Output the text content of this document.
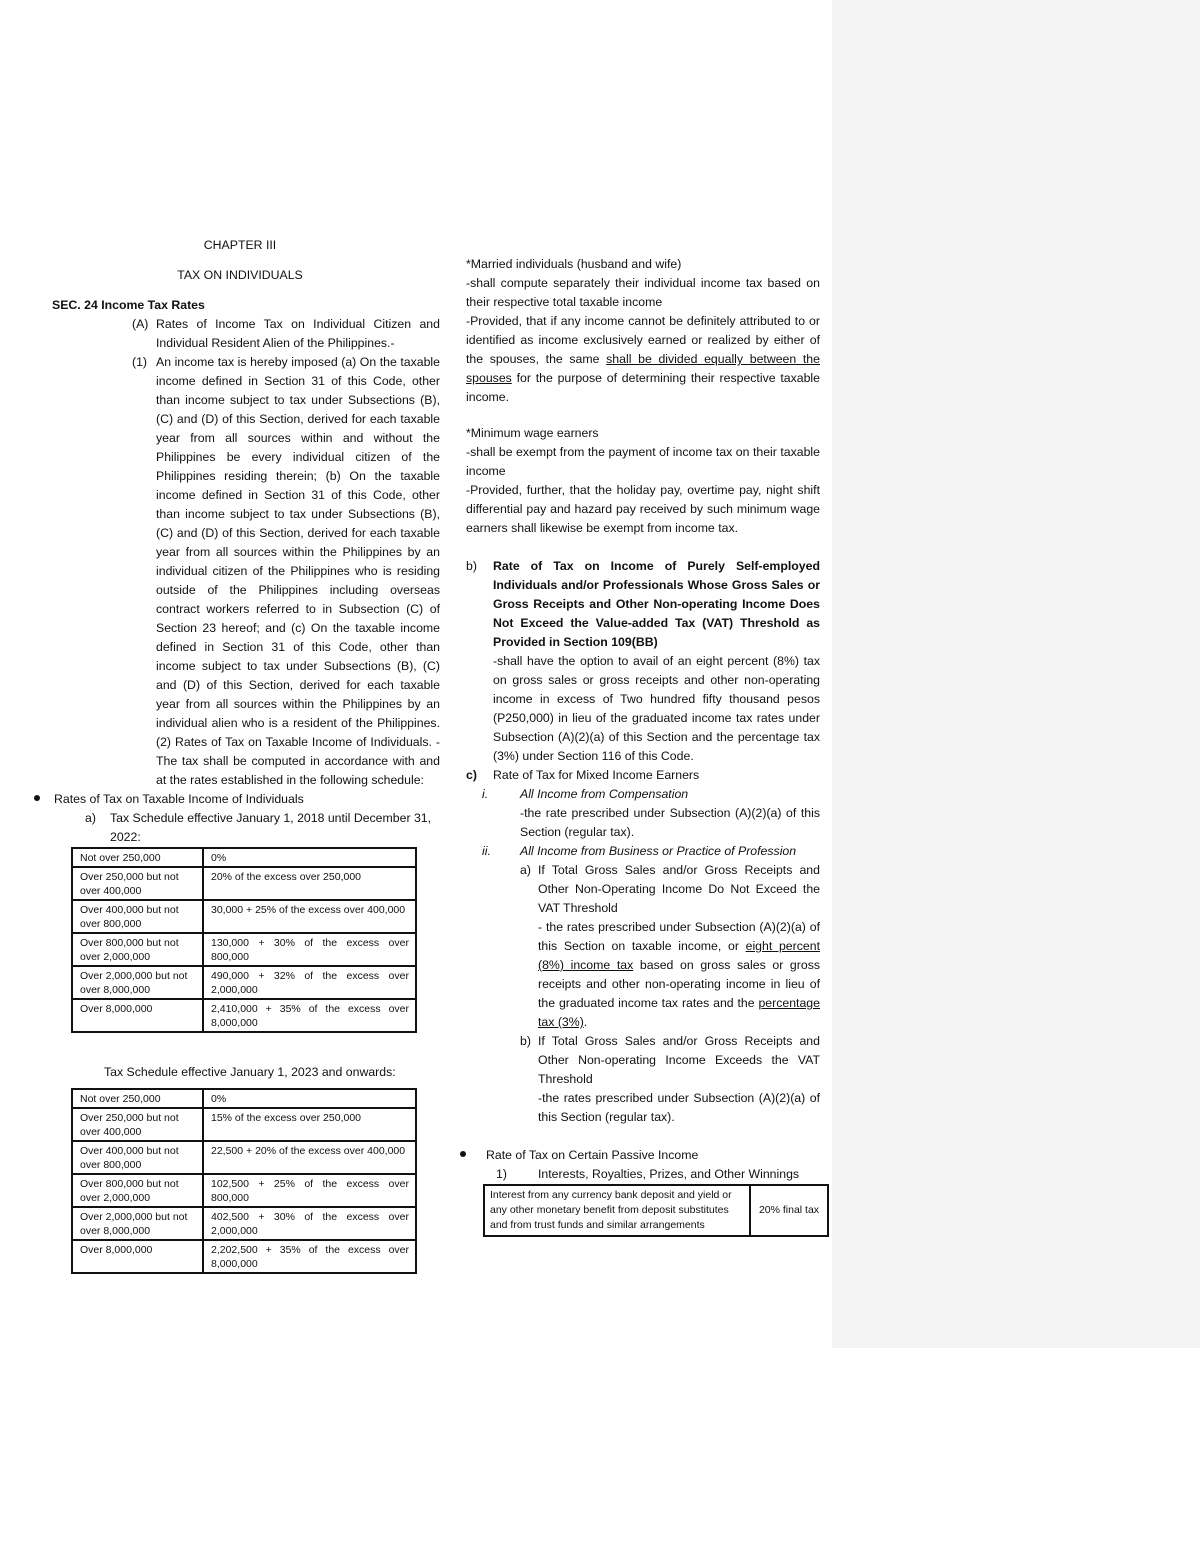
CHAPTER III

TAX ON INDIVIDUALS

SEC. 24 Income Tax Rates

(A) Rates of Income Tax on Individual Citizen and Individual Resident Alien of the Philippines.-
(1) An income tax is hereby imposed (a) On the taxable income defined in Section 31 of this Code, other than income subject to tax under Subsections (B), (C) and (D) of this Section, derived for each taxable year from all sources within and without the Philippines be every individual citizen of the Philippines residing therein; (b) On the taxable income defined in Section 31 of this Code, other than income subject to tax under Subsections (B), (C) and (D) of this Section, derived for each taxable year from all sources within the Philippines by an individual citizen of the Philippines who is residing outside of the Philippines including overseas contract workers referred to in Subsection (C) of Section 23 hereof; and (c) On the taxable income defined in Section 31 of this Code, other than income subject to tax under Subsections (B), (C) and (D) of this Section, derived for each taxable year from all sources within the Philippines by an individual alien who is a resident of the Philippines. (2) Rates of Tax on Taxable Income of Individuals. - The tax shall be computed in accordance with and at the rates established in the following schedule:

Rates of Tax on Taxable Income of Individuals

a)	Tax Schedule effective January 1, 2018 until December 31, 2022:
Not over 250,000	0%
Over 250,000 but not over 400,000	20% of the excess over 250,000
Over 400,000 but not over 800,000	30,000 + 25% of the excess over 400,000
Over 800,000 but not over 2,000,000	130,000 + 30% of the excess over 800,000
Over 2,000,000 but not over 8,000,000	490,000 + 32% of the excess over 2,000,000
Over 8,000,000	2,410,000 + 35% of the excess over 8,000,000

Tax Schedule effective January 1, 2023 and onwards:

Not over 250,000	0%
Over 250,000 but not over 400,000	15% of the excess over 250,000
Over 400,000 but not over 800,000	22,500 + 20% of the excess over 400,000
Over 800,000 but not over 2,000,000	102,500 + 25% of the excess over 800,000
Over 2,000,000 but not over 8,000,000	402,500 + 30% of the excess over 2,000,000
Over 8,000,000	2,202,500 + 35% of the excess over 8,000,000

*Married individuals (husband and wife)

-shall compute separately their individual income tax based on their respective total taxable income

-Provided, that if any income cannot be definitely attributed to or identified as income exclusively earned or realized by either of the spouses, the same shall be divided equally between the spouses for the purpose of determining their respective taxable income.

*Minimum wage earners

-shall be exempt from the payment of income tax on their taxable income

-Provided, further, that the holiday pay, overtime pay, night shift differential pay and hazard pay received by such minimum wage earners shall likewise be exempt from income tax.

b)	Rate of Tax on Income of Purely Self-employed Individuals and/or Professionals Whose Gross Sales or Gross Receipts and Other Non-operating Income Does Not Exceed the Value-added Tax (VAT) Threshold as Provided in Section 109(BB)

-shall have the option to avail of an eight percent (8%) tax on gross sales or gross receipts and other non-operating income in excess of Two hundred fifty thousand pesos (P250,000) in lieu of the graduated income tax rates under Subsection (A)(2)(a) of this Section and the percentage tax (3%) under Section 116 of this Code.

c)	Rate of Tax for Mixed Income Earners
i.	All Income from Compensation

-the rate prescribed under Subsection (A)(2)(a) of this Section (regular tax).

ii.	All Income from Business or Practice of Profession

a) If Total Gross Sales and/or Gross Receipts and Other Non-Operating Income Do Not Exceed the VAT Threshold

- the rates prescribed under Subsection (A)(2)(a) of this Section on taxable income, or eight percent (8%) income tax based on gross sales or gross receipts and other non-operating income in lieu of the graduated income tax rates and the percentage tax (3%).

b) If Total Gross Sales and/or Gross Receipts and Other Non-operating Income Exceeds the VAT Threshold

-the rates prescribed under Subsection (A)(2)(a) of this Section (regular tax).

Rate of Tax on Certain Passive Income

1)	Interests, Royalties, Prizes, and Other Winnings
Interest from any currency bank deposit and yield or any other monetary benefit from deposit substitutes and from trust funds and similar arrangements	20% final tax
